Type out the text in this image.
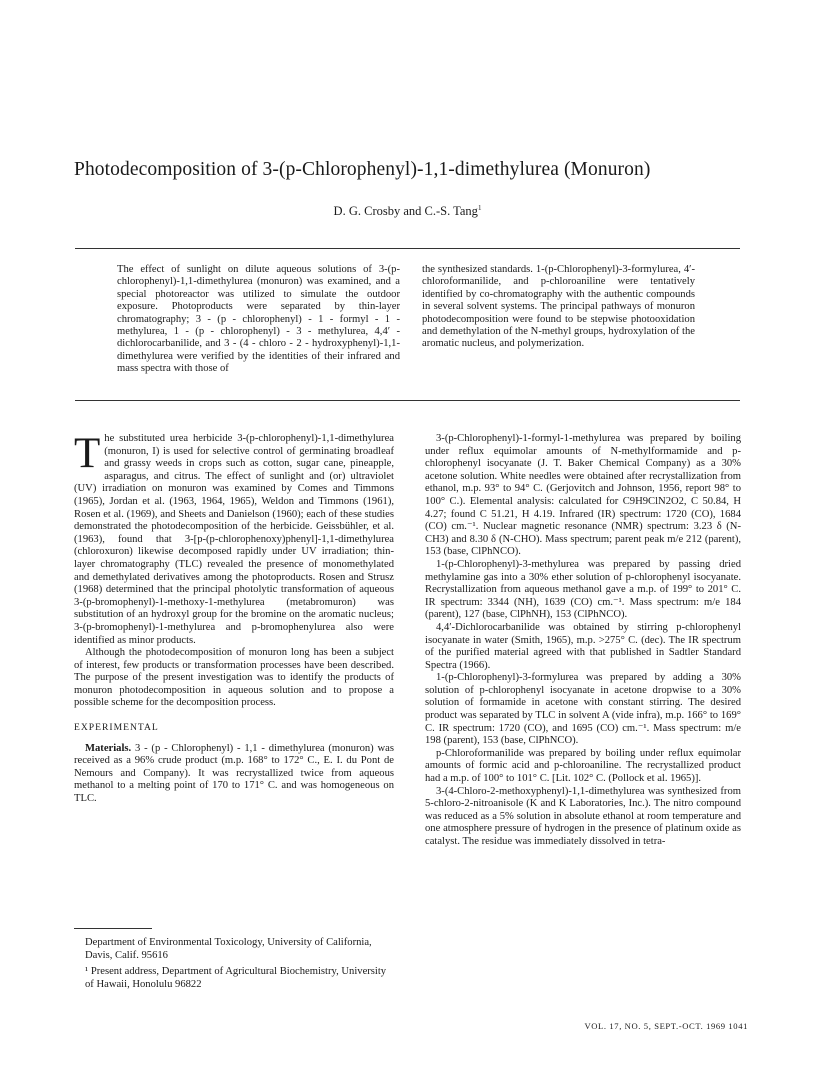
Photodecomposition of 3-(p-Chlorophenyl)-1,1-dimethylurea (Monuron)
D. G. Crosby and C.-S. Tang$^1$
The effect of sunlight on dilute aqueous solutions of 3-(p-chlorophenyl)-1,1-dimethylurea (monuron) was examined, and a special photoreactor was utilized to simulate the outdoor exposure. Photoproducts were separated by thin-layer chromatography; 3 - (p - chlorophenyl) - 1 - formyl - 1 - methylurea, 1 - (p - chlorophenyl) - 3 - methylurea, 4,4′ - dichlorocarbanilide, and 3 - (4 - chloro - 2 - hydroxyphenyl)-1,1-dimethylurea were verified by the identities of their infrared and mass spectra with those of
the synthesized standards. 1-(p-Chlorophenyl)-3-formylurea, 4′-chloroformanilide, and p-chloroaniline were tentatively identified by co-chromatography with the authentic compounds in several solvent systems. The principal pathways of monuron photodecomposition were found to be stepwise photooxidation and demethylation of the N-methyl groups, hydroxylation of the aromatic nucleus, and polymerization.

The substituted urea herbicide 3-(p-chlorophenyl)-1,1-dimethylurea (monuron, I) is used for selective control of germinating broadleaf and grassy weeds in crops such as cotton, sugar cane, pineapple, asparagus, and citrus. The effect of sunlight and (or) ultraviolet (UV) irradiation on monuron was examined by Comes and Timmons (1965), Jordan et al. (1963, 1964, 1965), Weldon and Timmons (1961), Rosen et al. (1969), and Sheets and Danielson (1960); each of these studies demonstrated the photodecomposition of the herbicide. Geissbühler, et al. (1963), found that 3-[p-(p-chlorophenoxy)phenyl]-1,1-dimethylurea (chloroxuron) likewise decomposed rapidly under UV irradiation; thin-layer chromatography (TLC) revealed the presence of monomethylated and demethylated derivatives among the photoproducts. Rosen and Strusz (1968) determined that the principal photolytic transformation of aqueous 3-(p-bromophenyl)-1-methoxy-1-methylurea (metabromuron) was substitution of an hydroxyl group for the bromine on the aromatic nucleus; 3-(p-bromophenyl)-1-methylurea and p-bromophenylurea also were identified as minor products.

Although the photodecomposition of monuron long has been a subject of interest, few products or transformation processes have been described. The purpose of the present investigation was to identify the products of monuron photodecomposition in aqueous solution and to propose a possible scheme for the decomposition process.

EXPERIMENTAL

Materials. 3 - (p - Chlorophenyl) - 1,1 - dimethylurea (monuron) was received as a 96% crude product (m.p. 168° to 172° C., E. I. du Pont de Nemours and Company). It was recrystallized twice from aqueous methanol to a melting point of 170 to 171° C. and was homogeneous on TLC.

3-(p-Chlorophenyl)-1-formyl-1-methylurea was prepared by boiling under reflux equimolar amounts of N-methylformamide and p-chlorophenyl isocyanate (J. T. Baker Chemical Company) as a 30% acetone solution. White needles were obtained after recrystallization from ethanol, m.p. 93° to 94° C. (Gerjovitch and Johnson, 1956, report 98° to 100° C.). Elemental analysis: calculated for C9H9ClN2O2, C 50.84, H 4.27; found C 51.21, H 4.19. Infrared (IR) spectrum: 1720 (CO), 1684 (CO) cm.⁻¹. Nuclear magnetic resonance (NMR) spectrum: 3.23 δ (N-CH3) and 8.30 δ (N-CHO). Mass spectrum; parent peak m/e 212 (parent), 153 (base, ClPhNCO).

1-(p-Chlorophenyl)-3-methylurea was prepared by passing dried methylamine gas into a 30% ether solution of p-chlorophenyl isocyanate. Recrystallization from aqueous methanol gave a m.p. of 199° to 201° C. IR spectrum: 3344 (NH), 1639 (CO) cm.⁻¹. Mass spectrum: m/e 184 (parent), 127 (base, ClPhNH), 153 (ClPhNCO).

4,4′-Dichlorocarbanilide was obtained by stirring p-chlorophenyl isocyanate in water (Smith, 1965), m.p. >275° C. (dec). The IR spectrum of the purified material agreed with that published in Sadtler Standard Spectra (1966).

1-(p-Chlorophenyl)-3-formylurea was prepared by adding a 30% solution of p-chlorophenyl isocyanate in acetone dropwise to a 30% solution of formamide in acetone with constant stirring. The desired product was separated by TLC in solvent A (vide infra), m.p. 166° to 169° C. IR spectrum: 1720 (CO), and 1695 (CO) cm.⁻¹. Mass spectrum: m/e 198 (parent), 153 (base, ClPhNCO).

p-Chloroformanilide was prepared by boiling under reflux equimolar amounts of formic acid and p-chloroaniline. The recrystallized product had a m.p. of 100° to 101° C. [Lit. 102° C. (Pollock et al. 1965)].

3-(4-Chloro-2-methoxyphenyl)-1,1-dimethylurea was synthesized from 5-chloro-2-nitroanisole (K and K Laboratories, Inc.). The nitro compound was reduced as a 5% solution in absolute ethanol at room temperature and one atmosphere pressure of hydrogen in the presence of platinum oxide as catalyst. The residue was immediately dissolved in tetra-

Department of Environmental Toxicology, University of California, Davis, Calif. 95616

¹ Present address, Department of Agricultural Biochemistry, University of Hawaii, Honolulu 96822

VOL. 17, NO. 5, SEPT.-OCT. 1969 1041
